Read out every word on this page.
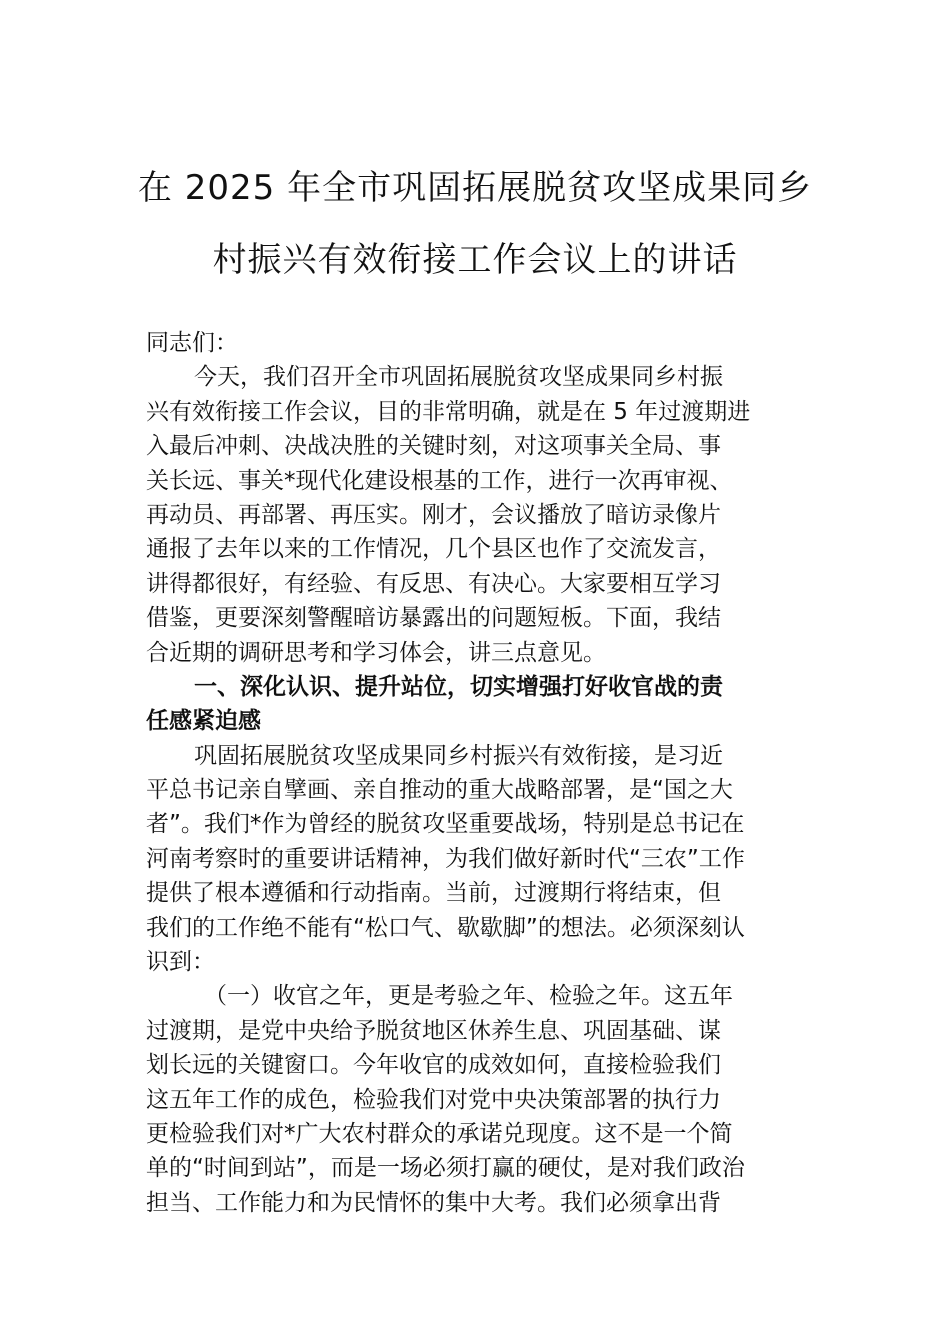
在 2025 年全市巩固拓展脱贫攻坚成果同乡
村振兴有效衔接工作会议上的讲话
同志们：
今天，我们召开全市巩固拓展脱贫攻坚成果同乡村振
兴有效衔接工作会议，目的非常明确，就是在 5 年过渡期进
入最后冲刺、决战决胜的关键时刻，对这项事关全局、事
关长远、事关*现代化建设根基的工作，进行一次再审视、
再动员、再部署、再压实。刚才，会议播放了暗访录像片
通报了去年以来的工作情况，几个县区也作了交流发言，
讲得都很好，有经验、有反思、有决心。大家要相互学习
借鉴，更要深刻警醒暗访暴露出的问题短板。下面，我结
合近期的调研思考和学习体会，讲三点意见。
一、深化认识、提升站位，切实增强打好收官战的责
任感紧迫感
巩固拓展脱贫攻坚成果同乡村振兴有效衔接，是习近
平总书记亲自擘画、亲自推动的重大战略部署，是“国之大
者”。我们*作为曾经的脱贫攻坚重要战场，特别是总书记在
河南考察时的重要讲话精神，为我们做好新时代“三农”工作
提供了根本遵循和行动指南。当前，过渡期行将结束，但
我们的工作绝不能有“松口气、歇歇脚”的想法。必须深刻认
识到：
（一）收官之年，更是考验之年、检验之年。这五年
过渡期，是党中央给予脱贫地区休养生息、巩固基础、谋
划长远的关键窗口。今年收官的成效如何，直接检验我们
这五年工作的成色，检验我们对党中央决策部署的执行力
更检验我们对*广大农村群众的承诺兑现度。这不是一个简
单的“时间到站”，而是一场必须打赢的硬仗，是对我们政治
担当、工作能力和为民情怀的集中大考。我们必须拿出背
